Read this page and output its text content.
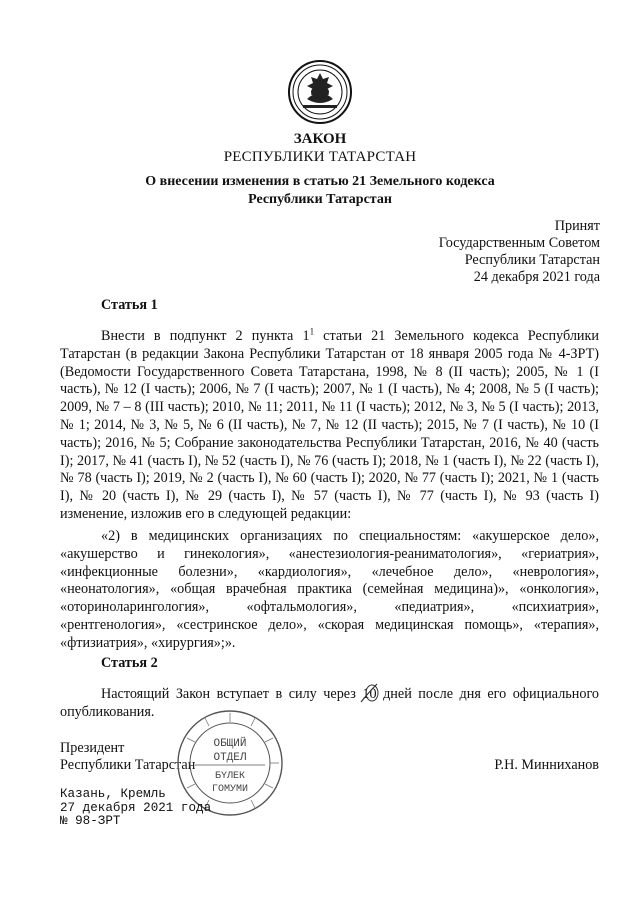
ЗАКОН
РЕСПУБЛИКИ ТАТАРСТАН
О внесении изменения в статью 21 Земельного кодекса
Республики Татарстан
Принят
Государственным Советом
Республики Татарстан
24 декабря 2021 года
Статья 1

Внести в подпункт 2 пункта $1^1$ статьи 21 Земельного кодекса Республики Татарстан (в редакции Закона Республики Татарстан от 18 января 2005 года № 4-ЗРТ) (Ведомости Государственного Совета Татарстана, 1998, № 8 (II часть); 2005, № 1 (I часть), № 12 (I часть); 2006, № 7 (I часть); 2007, № 1 (I часть), № 4; 2008, № 5 (I часть); 2009, № 7 – 8 (III часть); 2010, № 11; 2011, № 11 (I часть); 2012, № 3, № 5 (I часть); 2013, № 1; 2014, № 3, № 5, № 6 (II часть), № 7, № 12 (II часть); 2015, № 7 (I часть), № 10 (I часть); 2016, № 5; Собрание законодательства Республики Татарстан, 2016, № 40 (часть I); 2017, № 41 (часть I), № 52 (часть I), № 76 (часть I); 2018, № 1 (часть I), № 22 (часть I), № 78 (часть I); 2019, № 2 (часть I), № 60 (часть I); 2020, № 77 (часть I); 2021, № 1 (часть I), № 20 (часть I), № 29 (часть I), № 57 (часть I), № 77 (часть I), № 93 (часть I) изменение, изложив его в следующей редакции:

«2) в медицинских организациях по специальностям: «акушерское дело», «акушерство и гинекология», «анестезиология-реаниматология», «гериатрия», «инфекционные болезни», «кардиология», «лечебное дело», «неврология», «неонатология», «общая врачебная практика (семейная медицина)», «онкология», «оториноларингология», «офтальмология», «педиатрия», «психиатрия», «рентгенология», «сестринское дело», «скорая медицинская помощь», «терапия», «фтизиатрия», «хирургия»;».

Статья 2

Настоящий Закон вступает в силу через 10 дней после дня его официального опубликования.

Президент
Республики Татарстан	Р.Н. Минниханов
ОБЩИЙ
ОТДЕЛ
БҮЛЕК
ГОМУМИ
Казань, Кремль
27 декабря 2021 года
№ 98-ЗРТ
